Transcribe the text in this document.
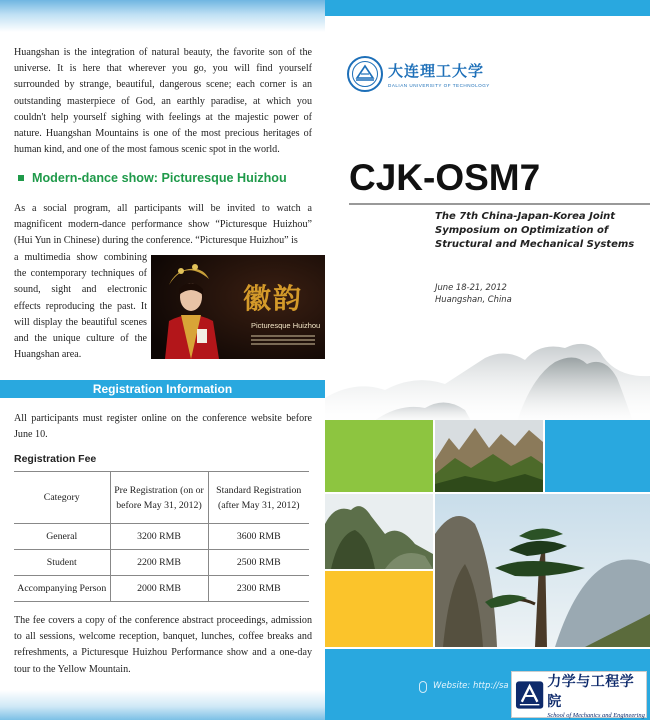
Huangshan is the integration of natural beauty, the favorite son of the universe. It is here that wherever you go, you will find yourself surrounded by strange, beautiful, dangerous scene; each corner is an outstanding masterpiece of God, an earthly paradise, at which you couldn't help yourself sighing with feelings at the majestic power of nature. Huangshan Mountains is one of the most precious heritages of human kind, and one of the most famous scenic spot in the world.

Modern-dance show: Picturesque Huizhou

As a social program, all participants will be invited to watch a magnificent modern-dance performance show “Picturesque Huizhou” (Hui Yun in Chinese) during the conference. “Picturesque Huizhou” is

a multimedia show combining the contemporary techniques of sound, sight and electronic effects reproducing the past. It will display the beautiful scenes and the unique culture of the Huangshan area.

徽韵
Picturesque Huizhou
Registration Information

All participants must register online on the conference website before June 10.

Registration Fee
Category	Pre Registration (on or before May 31, 2012)	Standard Registration (after May 31, 2012)
General	3200 RMB	3600 RMB
Student	2200 RMB	2500 RMB
Accompanying Person	2000 RMB	2300 RMB

The fee covers a copy of the conference abstract proceedings, admission to all sessions, welcome reception, banquet, lunches, coffee breaks and refreshments, a Picturesque Huizhou Performance show and a one-day tour to the Yellow Mountain.

大连理工大学
DALIAN UNIVERSITY OF TECHNOLOGY
CJK-OSM7
The 7th China-Japan-Korea Joint Symposium on Optimization of Structural and Mechanical Systems
June 18-21, 2012
Huangshan, China
Website: http://sa	力学与工程学院
School of Mechanics and Engineering
